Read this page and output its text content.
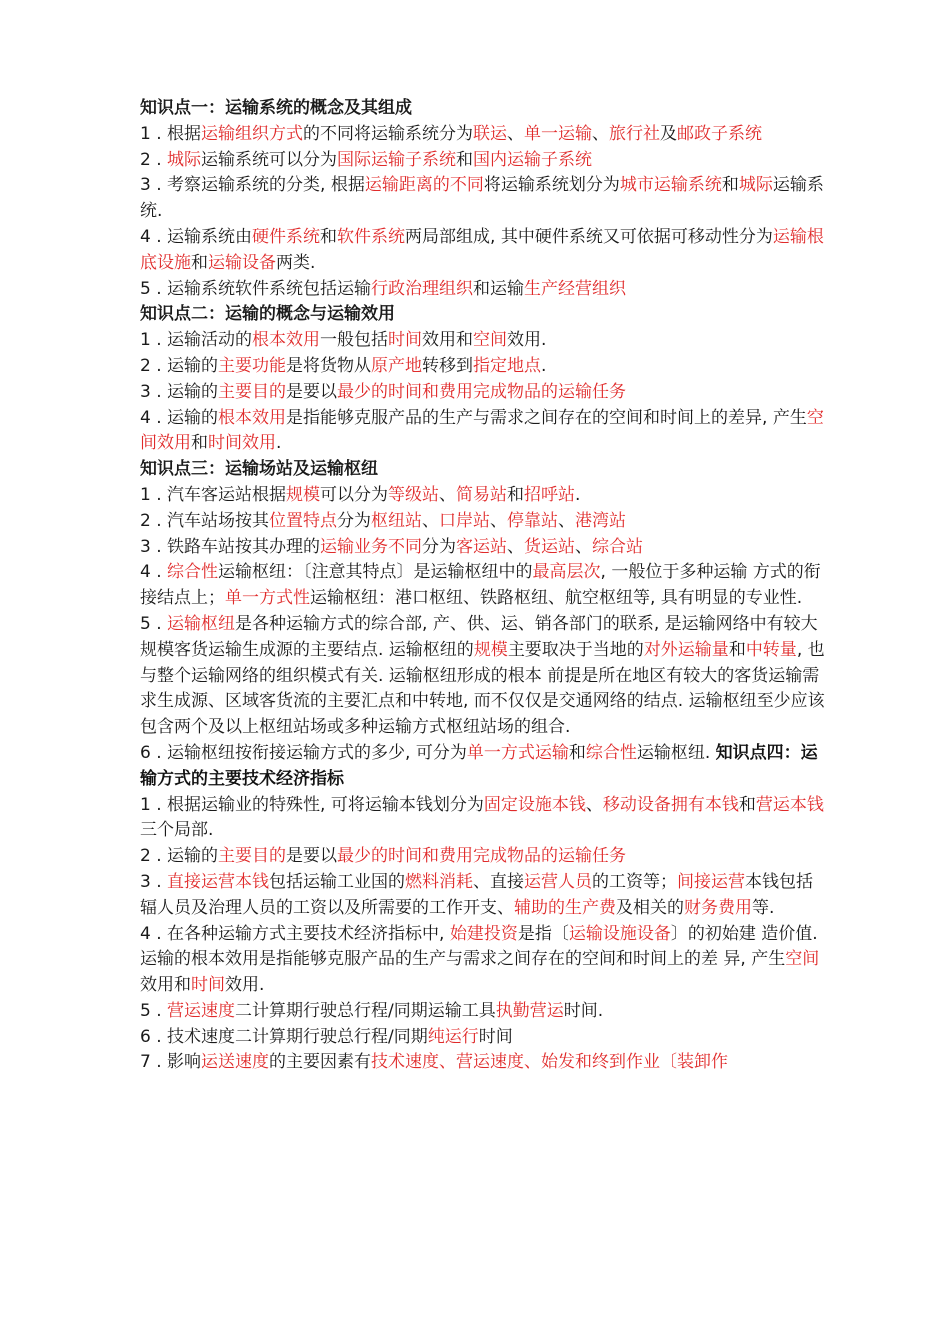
知识点一：运输系统的概念及其组成
1 . 根据运输组织方式的不同将运输系统分为联运、单一运输、旅行社及邮政子系统
2 . 城际运输系统可以分为国际运输子系统和国内运输子系统
3 . 考察运输系统的分类, 根据运输距离的不同将运输系统划分为城市运输系统和城际运输系统.
4 . 运输系统由硬件系统和软件系统两局部组成, 其中硬件系统又可依据可移动性分为运输根底设施和运输设备两类.
5 . 运输系统软件系统包括运输行政治理组织和运输生产经营组织
知识点二：运输的概念与运输效用
1 . 运输活动的根本效用一般包括时间效用和空间效用.
2 . 运输的主要功能是将货物从原产地转移到指定地点.
3 . 运输的主要目的是要以最少的时间和费用完成物品的运输任务
4 . 运输的根本效用是指能够克服产品的生产与需求之间存在的空间和时间上的差异, 产生空间效用和时间效用.
知识点三：运输场站及运输枢纽
1 . 汽车客运站根据规模可以分为等级站、简易站和招呼站.
2 . 汽车站场按其位置特点分为枢纽站、口岸站、停靠站、港湾站
3 . 铁路车站按其办理的运输业务不同分为客运站、货运站、综合站
4 . 综合性运输枢纽：〔注意其特点〕是运输枢纽中的最高层次, 一般位于多种运输 方式的衔接结点上；单一方式性运输枢纽：港口枢纽、铁路枢纽、航空枢纽等, 具有明显的专业性.
5 . 运输枢纽是各种运输方式的综合部, 产、供、运、销各部门的联系, 是运输网络中有较大规模客货运输生成源的主要结点. 运输枢纽的规模主要取决于当地的对外运输量和中转量, 也与整个运输网络的组织模式有关. 运输枢纽形成的根本 前提是所在地区有较大的客货运输需求生成源、区域客货流的主要汇点和中转地, 而不仅仅是交通网络的结点. 运输枢纽至少应该包含两个及以上枢纽站场或多种运输方式枢纽站场的组合.
6 . 运输枢纽按衔接运输方式的多少, 可分为单一方式运输和综合性运输枢纽. 知识点四：运输方式的主要技术经济指标
1 . 根据运输业的特殊性, 可将运输本钱划分为固定设施本钱、移动设备拥有本钱和营运本钱三个局部.
2 . 运输的主要目的是要以最少的时间和费用完成物品的运输任务
3 . 直接运营本钱包括运输工业国的燃料消耗、直接运营人员的工资等；间接运营本钱包括辐人员及治理人员的工资以及所需要的工作开支、辅助的生产费及相关的财务费用等.
4 . 在各种运输方式主要技术经济指标中, 始建投资是指〔运输设施设备〕的初始建 造价值.
运输的根本效用是指能够克服产品的生产与需求之间存在的空间和时间上的差 异, 产生空间效用和时间效用.
5 . 营运速度二计算期行驶总行程/同期运输工具执勤营运时间.
6 . 技术速度二计算期行驶总行程/同期纯运行时间
7 . 影响运送速度的主要因素有技术速度、营运速度、始发和终到作业〔装卸作
